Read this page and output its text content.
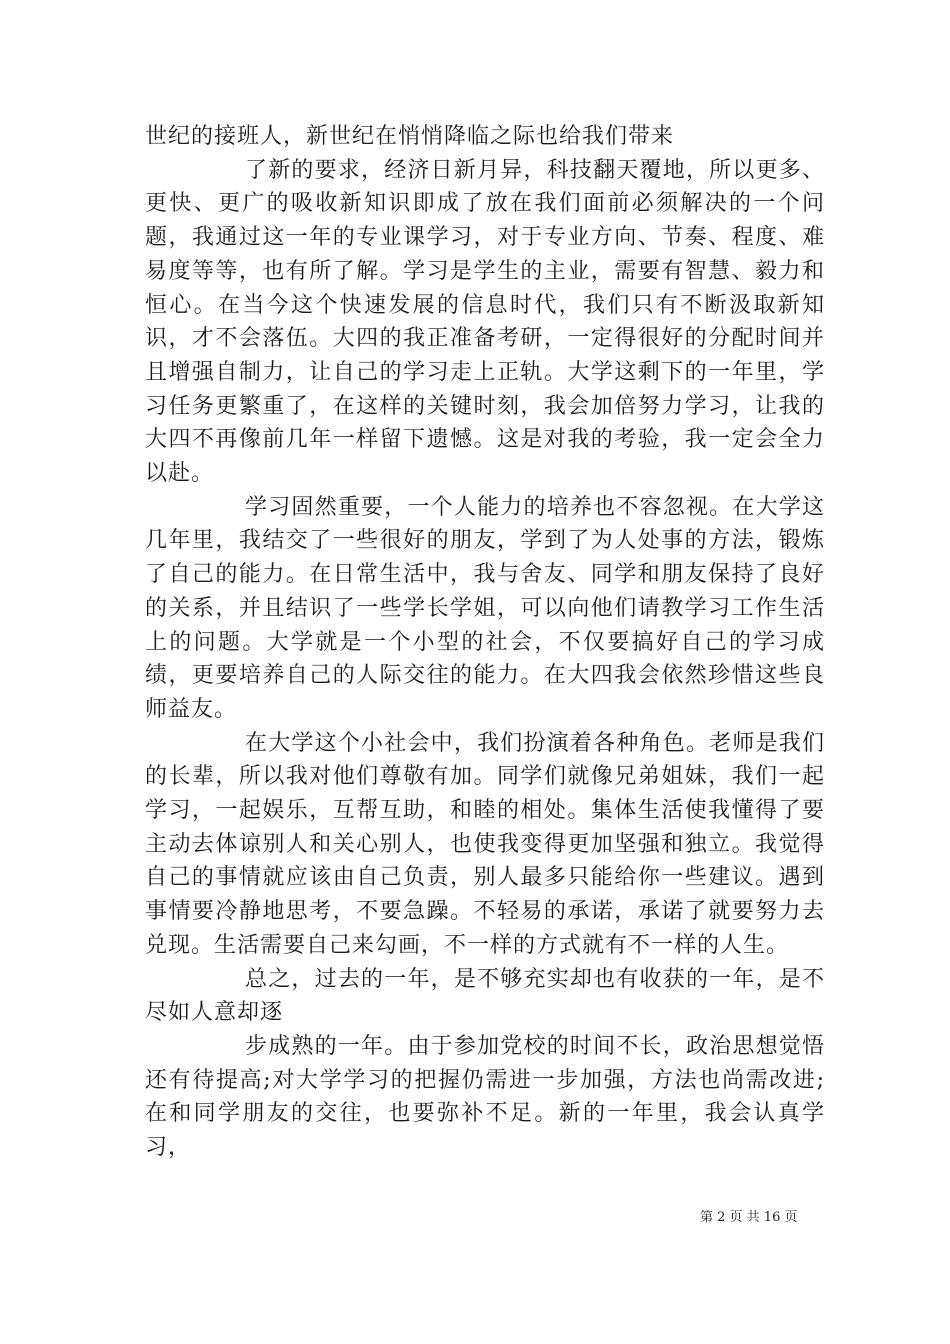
世纪的接班人，新世纪在悄悄降临之际也给我们带来

了新的要求，经济日新月异，科技翻天覆地，所以更多、更快、更广的吸收新知识即成了放在我们面前必须解决的一个问题，我通过这一年的专业课学习，对于专业方向、节奏、程度、难易度等等，也有所了解。学习是学生的主业，需要有智慧、毅力和恒心。在当今这个快速发展的信息时代，我们只有不断汲取新知识，才不会落伍。大四的我正准备考研，一定得很好的分配时间并且增强自制力，让自己的学习走上正轨。大学这剩下的一年里，学习任务更繁重了，在这样的关键时刻，我会加倍努力学习，让我的大四不再像前几年一样留下遗憾。这是对我的考验，我一定会全力以赴。

学习固然重要，一个人能力的培养也不容忽视。在大学这几年里，我结交了一些很好的朋友，学到了为人处事的方法，锻炼了自己的能力。在日常生活中，我与舍友、同学和朋友保持了良好的关系，并且结识了一些学长学姐，可以向他们请教学习工作生活上的问题。大学就是一个小型的社会，不仅要搞好自己的学习成绩，更要培养自己的人际交往的能力。在大四我会依然珍惜这些良师益友。

在大学这个小社会中，我们扮演着各种角色。老师是我们的长辈，所以我对他们尊敬有加。同学们就像兄弟姐妹，我们一起学习，一起娱乐，互帮互助，和睦的相处。集体生活使我懂得了要主动去体谅别人和关心别人，也使我变得更加坚强和独立。我觉得自己的事情就应该由自己负责，别人最多只能给你一些建议。遇到事情要冷静地思考，不要急躁。不轻易的承诺，承诺了就要努力去兑现。生活需要自己来勾画，不一样的方式就有不一样的人生。

总之，过去的一年，是不够充实却也有收获的一年，是不尽如人意却逐

步成熟的一年。由于参加党校的时间不长，政治思想觉悟还有待提高;对大学学习的把握仍需进一步加强，方法也尚需改进;在和同学朋友的交往，也要弥补不足。新的一年里，我会认真学习，

第 2 页 共 16 页
